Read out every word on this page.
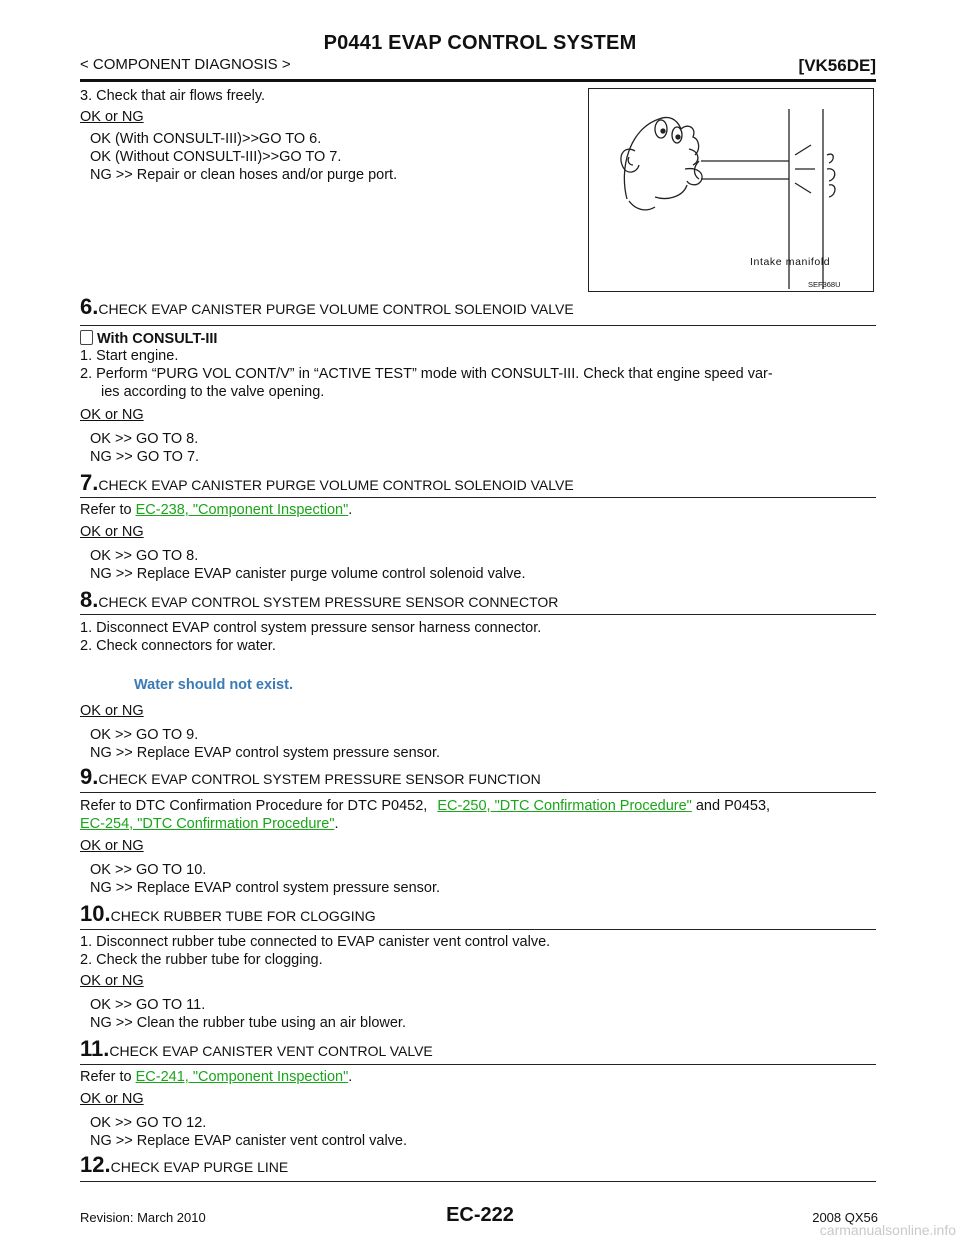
P0441 EVAP CONTROL SYSTEM
< COMPONENT DIAGNOSIS >	[VK56DE]
3. Check that air flows freely.
OK or NG
OK (With CONSULT-III)>>GO TO 6.
OK (Without CONSULT-III)>>GO TO 7.
NG >> Repair or clean hoses and/or purge port.
Intake manifold
SEF368U
6.CHECK EVAP CANISTER PURGE VOLUME CONTROL SOLENOID VALVE
With CONSULT-III
1. Start engine.
2. Perform “PURG VOL CONT/V” in “ACTIVE TEST” mode with CONSULT-III. Check that engine speed var-
ies according to the valve opening.
OK or NG
OK >> GO TO 8.
NG >> GO TO 7.
7.CHECK EVAP CANISTER PURGE VOLUME CONTROL SOLENOID VALVE
Refer to EC-238, "Component Inspection".
OK or NG
OK >> GO TO 8.
NG >> Replace EVAP canister purge volume control solenoid valve.
8.CHECK EVAP CONTROL SYSTEM PRESSURE SENSOR CONNECTOR
1. Disconnect EVAP control system pressure sensor harness connector.
2. Check connectors for water.
Water should not exist.
OK or NG
OK >> GO TO 9.
NG >> Replace EVAP control system pressure sensor.
9.CHECK EVAP CONTROL SYSTEM PRESSURE SENSOR FUNCTION
Refer to DTC Confirmation Procedure for DTC P0452, EC-250, "DTC Confirmation Procedure" and P0453,
EC-254, "DTC Confirmation Procedure".
OK or NG
OK >> GO TO 10.
NG >> Replace EVAP control system pressure sensor.
10.CHECK RUBBER TUBE FOR CLOGGING
1. Disconnect rubber tube connected to EVAP canister vent control valve.
2. Check the rubber tube for clogging.
OK or NG
OK >> GO TO 11.
NG >> Clean the rubber tube using an air blower.
11.CHECK EVAP CANISTER VENT CONTROL VALVE
Refer to EC-241, "Component Inspection".
OK or NG
OK >> GO TO 12.
NG >> Replace EVAP canister vent control valve.
12.CHECK EVAP PURGE LINE
Revision: March 2010	EC-222	2008 QX56
carmanualsonline.info
